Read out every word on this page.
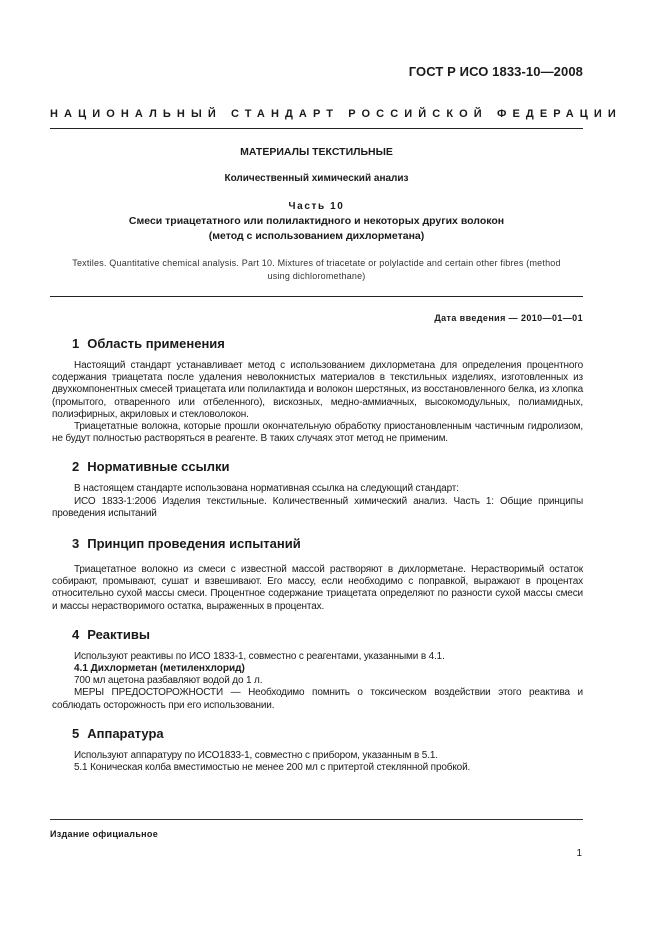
ГОСТ Р ИСО 1833-10—2008
НАЦИОНАЛЬНЫЙ СТАНДАРТ РОССИЙСКОЙ ФЕДЕРАЦИИ
МАТЕРИАЛЫ ТЕКСТИЛЬНЫЕ
Количественный химический анализ
Часть 10
Смеси триацетатного или полилактидного и некоторых других волокон
(метод с использованием дихлорметана)
Textiles. Quantitative chemical analysis. Part 10. Mixtures of triacetate or polylactide and certain other fibres (method using dichloromethane)
Дата введения — 2010—01—01
1 Область применения

Настоящий стандарт устанавливает метод с использованием дихлорметана для определения процентного содержания триацетата после удаления неволокнистых материалов в текстильных изделиях, изготовленных из двухкомпонентных смесей триацетата или полилактида и волокон шерстяных, из восстановленного белка, из хлопка (промытого, отваренного или отбеленного), вискозных, медно-аммиачных, высокомодульных, полиамидных, полиэфирных, акриловых и стекловолокон.

Триацетатные волокна, которые прошли окончательную обработку приостановленным частичным гидролизом, не будут полностью растворяться в реагенте. В таких случаях этот метод не применим.

2 Нормативные ссылки

В настоящем стандарте использована нормативная ссылка на следующий стандарт:

ИСО 1833-1:2006 Изделия текстильные. Количественный химический анализ. Часть 1: Общие принципы проведения испытаний

3 Принцип проведения испытаний

Триацетатное волокно из смеси с известной массой растворяют в дихлорметане. Нерастворимый остаток собирают, промывают, сушат и взвешивают. Его массу, если необходимо с поправкой, выражают в процентах относительно сухой массы смеси. Процентное содержание триацетата определяют по разности сухой массы смеси и массы нерастворимого остатка, выраженных в процентах.

4 Реактивы

Используют реактивы по ИСО 1833-1, совместно с реагентами, указанными в 4.1.

4.1 Дихлорметан (метиленхлорид)

700 мл ацетона разбавляют водой до 1 л.

МЕРЫ ПРЕДОСТОРОЖНОСТИ — Необходимо помнить о токсическом воздействии этого реактива и соблюдать осторожность при его использовании.

5 Аппаратура

Используют аппаратуру по ИСО1833-1, совместно с прибором, указанным в 5.1.

5.1 Коническая колба вместимостью не менее 200 мл с притертой стеклянной пробкой.

Издание официальное
1
